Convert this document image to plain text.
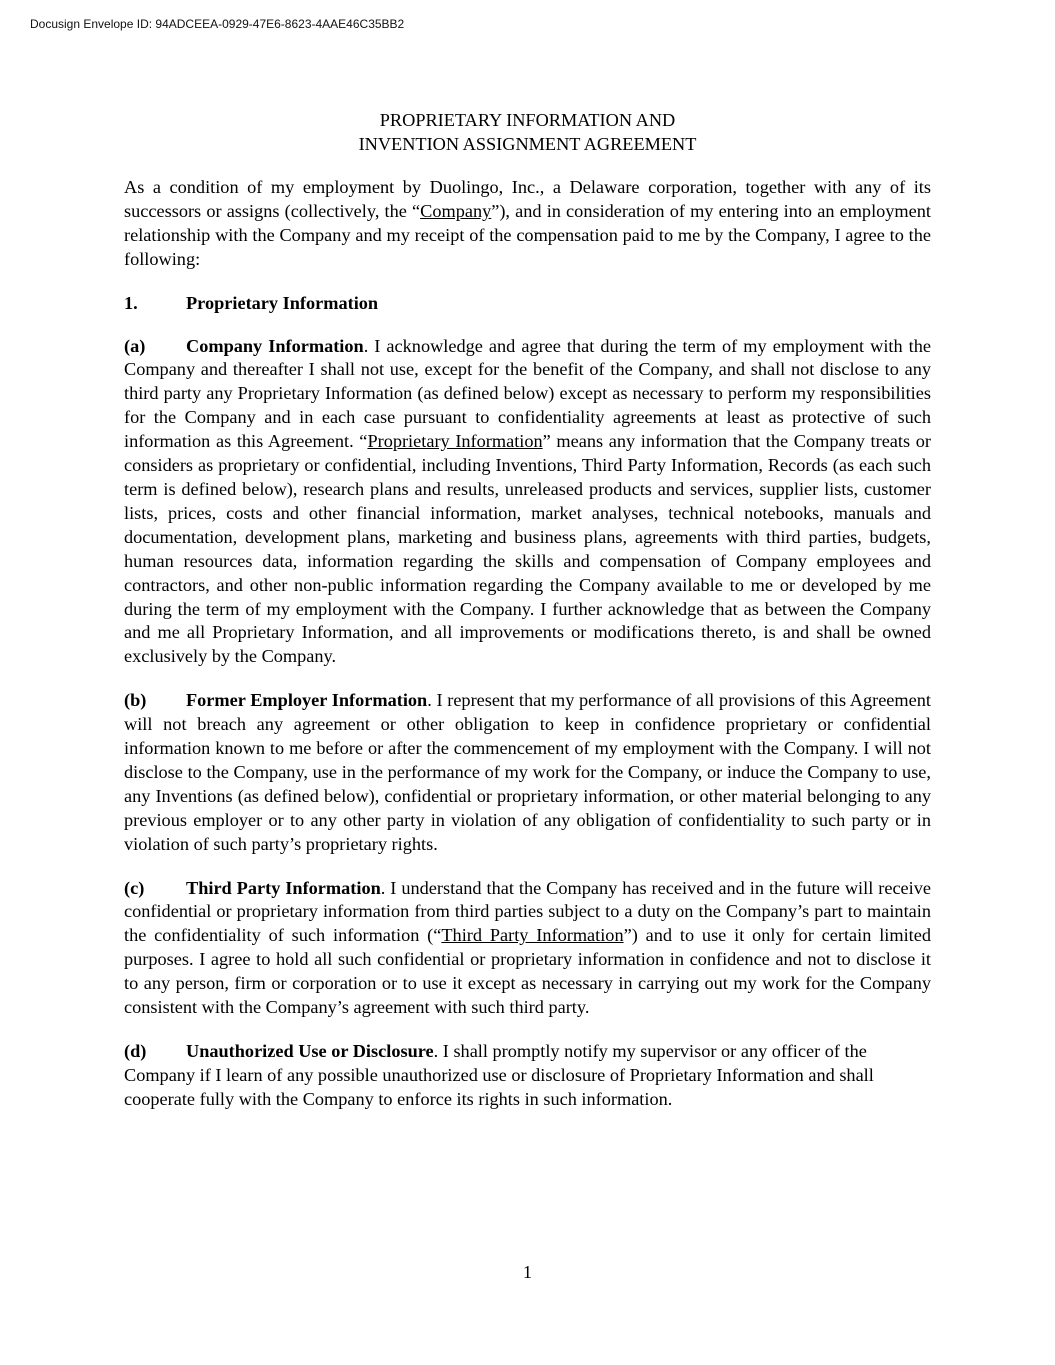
Docusign Envelope ID: 94ADCEEA-0929-47E6-8623-4AAE46C35BB2
PROPRIETARY INFORMATION AND
INVENTION ASSIGNMENT AGREEMENT

As a condition of my employment by Duolingo, Inc., a Delaware corporation, together with any of its successors or assigns (collectively, the “Company”), and in consideration of my entering into an employment relationship with the Company and my receipt of the compensation paid to me by the Company, I agree to the following:

1.	Proprietary Information

(a) Company Information. I acknowledge and agree that during the term of my employment with the Company and thereafter I shall not use, except for the benefit of the Company, and shall not disclose to any third party any Proprietary Information (as defined below) except as necessary to perform my responsibilities for the Company and in each case pursuant to confidentiality agreements at least as protective of such information as this Agreement. “Proprietary Information” means any information that the Company treats or considers as proprietary or confidential, including Inventions, Third Party Information, Records (as each such term is defined below), research plans and results, unreleased products and services, supplier lists, customer lists, prices, costs and other financial information, market analyses, technical notebooks, manuals and documentation, development plans, marketing and business plans, agreements with third parties, budgets, human resources data, information regarding the skills and compensation of Company employees and contractors, and other non-public information regarding the Company available to me or developed by me during the term of my employment with the Company. I further acknowledge that as between the Company and me all Proprietary Information, and all improvements or modifications thereto, is and shall be owned exclusively by the Company.

(b) Former Employer Information. I represent that my performance of all provisions of this Agreement will not breach any agreement or other obligation to keep in confidence proprietary or confidential information known to me before or after the commencement of my employment with the Company. I will not disclose to the Company, use in the performance of my work for the Company, or induce the Company to use, any Inventions (as defined below), confidential or proprietary information, or other material belonging to any previous employer or to any other party in violation of any obligation of confidentiality to such party or in violation of such party’s proprietary rights.

(c) Third Party Information. I understand that the Company has received and in the future will receive confidential or proprietary information from third parties subject to a duty on the Company’s part to maintain the confidentiality of such information (“Third Party Information”) and to use it only for certain limited purposes. I agree to hold all such confidential or proprietary information in confidence and not to disclose it to any person, firm or corporation or to use it except as necessary in carrying out my work for the Company consistent with the Company’s agreement with such third party.

(d) Unauthorized Use or Disclosure. I shall promptly notify my supervisor or any officer of the Company if I learn of any possible unauthorized use or disclosure of Proprietary Information and shall cooperate fully with the Company to enforce its rights in such information.

1
